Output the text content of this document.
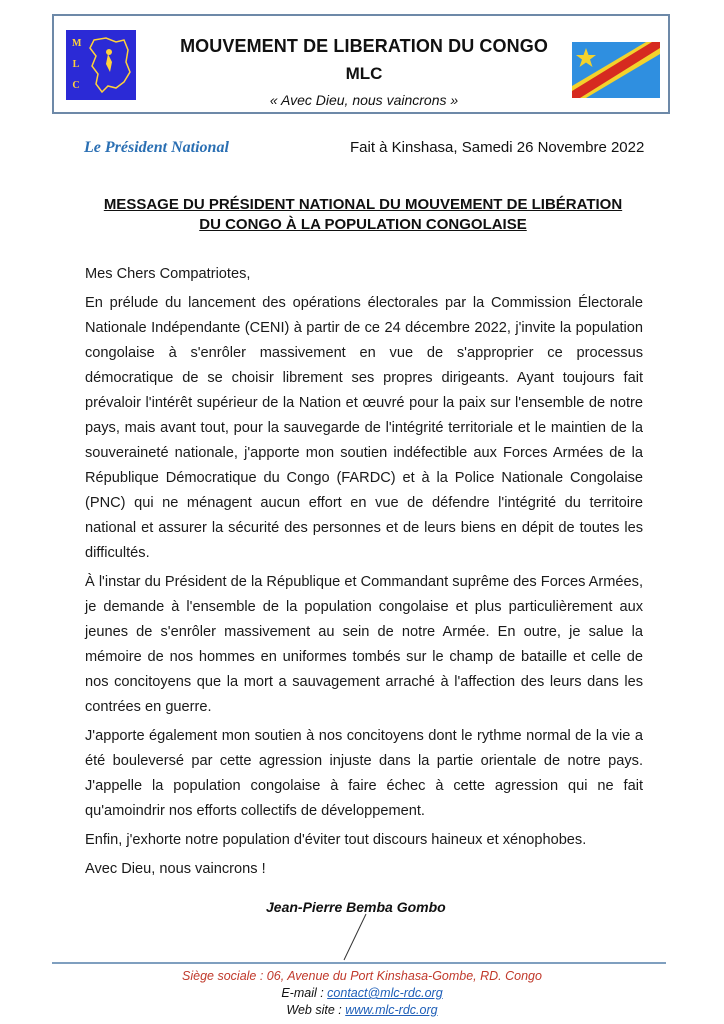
M
L
C
MOUVEMENT DE LIBERATION DU CONGO
MLC
« Avec Dieu, nous vaincrons »
Le Président National	Fait à Kinshasa, Samedi 26 Novembre 2022
MESSAGE DU PRÉSIDENT NATIONAL DU MOUVEMENT DE LIBÉRATION
DU CONGO À LA POPULATION CONGOLAISE

Mes Chers Compatriotes,

En prélude du lancement des opérations électorales par la Commission Électorale Nationale Indépendante (CENI) à partir de ce 24 décembre 2022, j'invite la population congolaise à s'enrôler massivement en vue de s'approprier ce processus démocratique de se choisir librement ses propres dirigeants. Ayant toujours fait prévaloir l'intérêt supérieur de la Nation et œuvré pour la paix sur l'ensemble de notre pays, mais avant tout, pour la sauvegarde de l'intégrité territoriale et le maintien de la souveraineté nationale, j'apporte mon soutien indéfectible aux Forces Armées de la République Démocratique du Congo (FARDC) et à la Police Nationale Congolaise (PNC) qui ne ménagent aucun effort en vue de défendre l'intégrité du territoire national et assurer la sécurité des personnes et de leurs biens en dépit de toutes les difficultés.

À l'instar du Président de la République et Commandant suprême des Forces Armées, je demande à l'ensemble de la population congolaise et plus particulièrement aux jeunes de s'enrôler massivement au sein de notre Armée. En outre, je salue la mémoire de nos hommes en uniformes tombés sur le champ de bataille et celle de nos concitoyens que la mort a sauvagement arraché à l'affection des leurs dans les contrées en guerre.

J'apporte également mon soutien à nos concitoyens dont le rythme normal de la vie a été bouleversé par cette agression injuste dans la partie orientale de notre pays. J'appelle la population congolaise à faire échec à cette agression qui ne fait qu'amoindrir nos efforts collectifs de développement.

Enfin, j'exhorte notre population d'éviter tout discours haineux et xénophobes.

Avec Dieu, nous vaincrons !

Jean-Pierre Bemba Gombo
Siège sociale : 06, Avenue du Port Kinshasa-Gombe, RD. Congo
E-mail : contact@mlc-rdc.org
Web site : www.mlc-rdc.org
